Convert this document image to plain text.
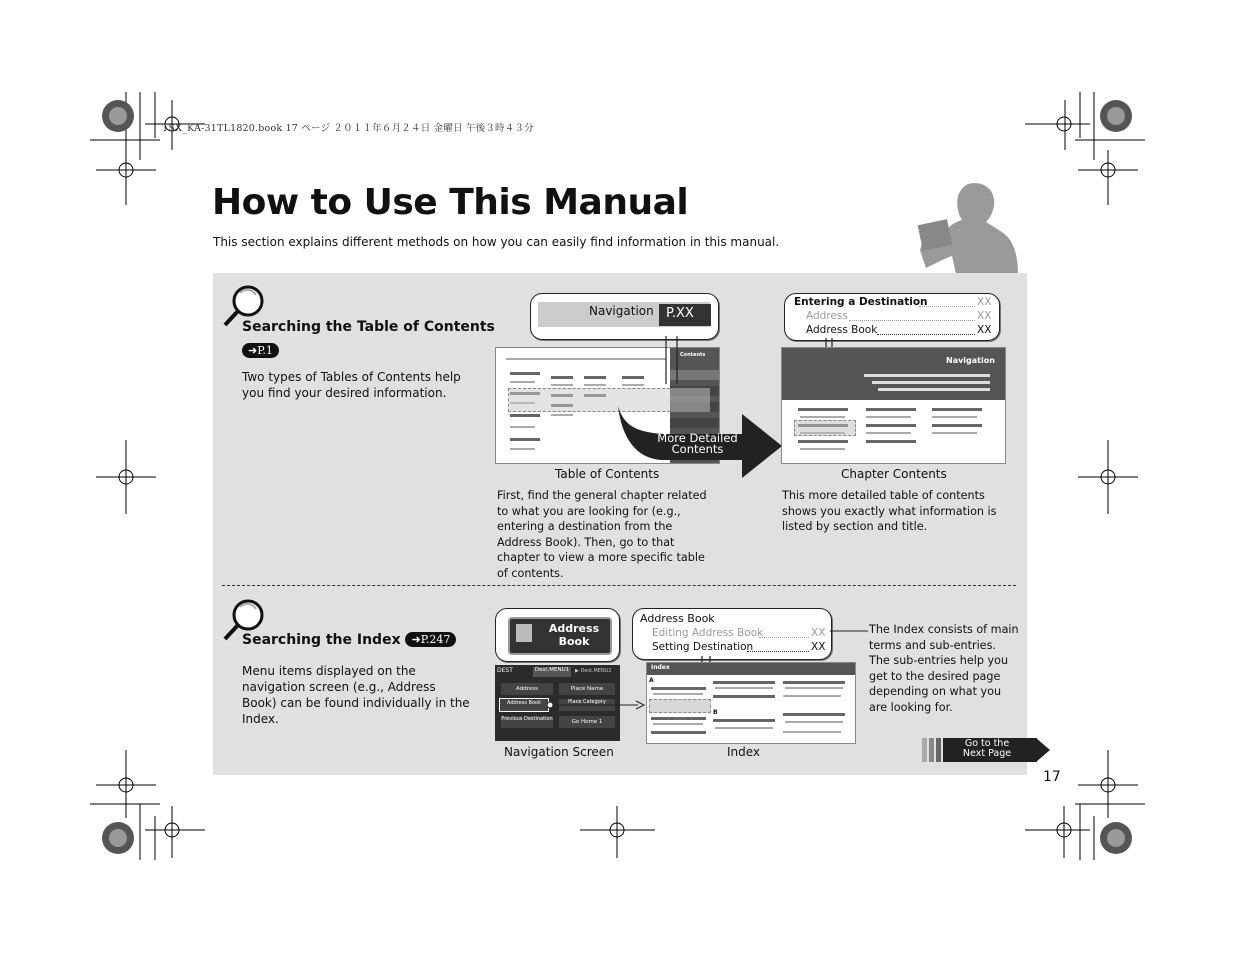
TSX_KA-31TL1820.book 17 ページ ２０１１年６月２４日 金曜日 午後３時４３分
How to Use This Manual
This section explains different methods on how you can easily find information in this manual.
Searching the Table of Contents
➜P.1
Two types of Tables of Contents help you find your desired information.
Contents
Navigation P.XX
More Detailed Contents
Table of Contents
First, find the general chapter related to what you are looking for (e.g., entering a destination from the Address Book). Then, go to that chapter to view a more specific table of contents.
Entering a Destination	XX
Address	XX
Address Book	XX
Navigation
Chapter Contents
This more detailed table of contents shows you exactly what information is listed by section and title.
Searching the Index ➜P.247
Menu items displayed on the navigation screen (e.g., Address Book) can be found individually in the Index.
Address
Book
DEST	Dest.MENU1	▶ Dest.MENU2
Address	Place Name
Address Book	Place Category
Previous Destination	Go Home 1
Address Book
Editing Address Book	XX
Setting Destination	XX
Index
A
B
Navigation Screen	Index
The Index consists of main terms and sub-entries. The sub-entries help you get to the desired page depending on what you are looking for.
Go to the
Next Page
17
